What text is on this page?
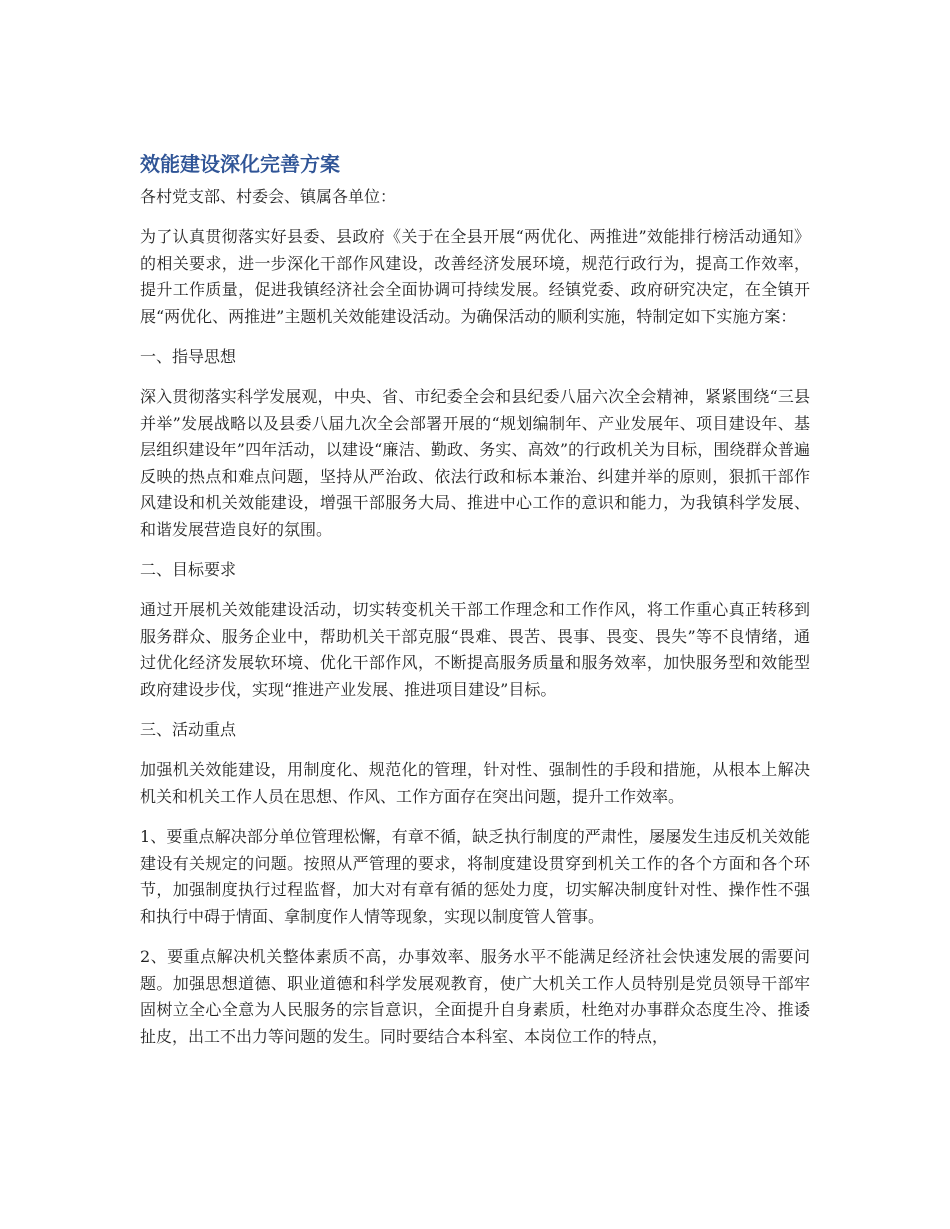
效能建设深化完善方案

各村党支部、村委会、镇属各单位：

为了认真贯彻落实好县委、县政府《关于在全县开展“两优化、两推进”效能排行榜活动通知》的相关要求，进一步深化干部作风建设，改善经济发展环境，规范行政行为，提高工作效率，提升工作质量，促进我镇经济社会全面协调可持续发展。经镇党委、政府研究决定，在全镇开展“两优化、两推进”主题机关效能建设活动。为确保活动的顺利实施，特制定如下实施方案：

一、指导思想

深入贯彻落实科学发展观，中央、省、市纪委全会和县纪委八届六次全会精神，紧紧围绕“三县并举”发展战略以及县委八届九次全会部署开展的“规划编制年、产业发展年、项目建设年、基层组织建设年”四年活动，以建设“廉洁、勤政、务实、高效”的行政机关为目标，围绕群众普遍反映的热点和难点问题，坚持从严治政、依法行政和标本兼治、纠建并举的原则，狠抓干部作风建设和机关效能建设，增强干部服务大局、推进中心工作的意识和能力，为我镇科学发展、和谐发展营造良好的氛围。

二、目标要求

通过开展机关效能建设活动，切实转变机关干部工作理念和工作作风，将工作重心真正转移到服务群众、服务企业中，帮助机关干部克服“畏难、畏苦、畏事、畏变、畏失”等不良情绪，通过优化经济发展软环境、优化干部作风，不断提高服务质量和服务效率，加快服务型和效能型政府建设步伐，实现“推进产业发展、推进项目建设”目标。

三、活动重点

加强机关效能建设，用制度化、规范化的管理，针对性、强制性的手段和措施，从根本上解决机关和机关工作人员在思想、作风、工作方面存在突出问题，提升工作效率。

1、要重点解决部分单位管理松懈，有章不循，缺乏执行制度的严肃性，屡屡发生违反机关效能建设有关规定的问题。按照从严管理的要求，将制度建设贯穿到机关工作的各个方面和各个环节，加强制度执行过程监督，加大对有章有循的惩处力度，切实解决制度针对性、操作性不强和执行中碍于情面、拿制度作人情等现象，实现以制度管人管事。

2、要重点解决机关整体素质不高，办事效率、服务水平不能满足经济社会快速发展的需要问题。加强思想道德、职业道德和科学发展观教育，使广大机关工作人员特别是党员领导干部牢固树立全心全意为人民服务的宗旨意识，全面提升自身素质，杜绝对办事群众态度生冷、推诿扯皮，出工不出力等问题的发生。同时要结合本科室、本岗位工作的特点，
